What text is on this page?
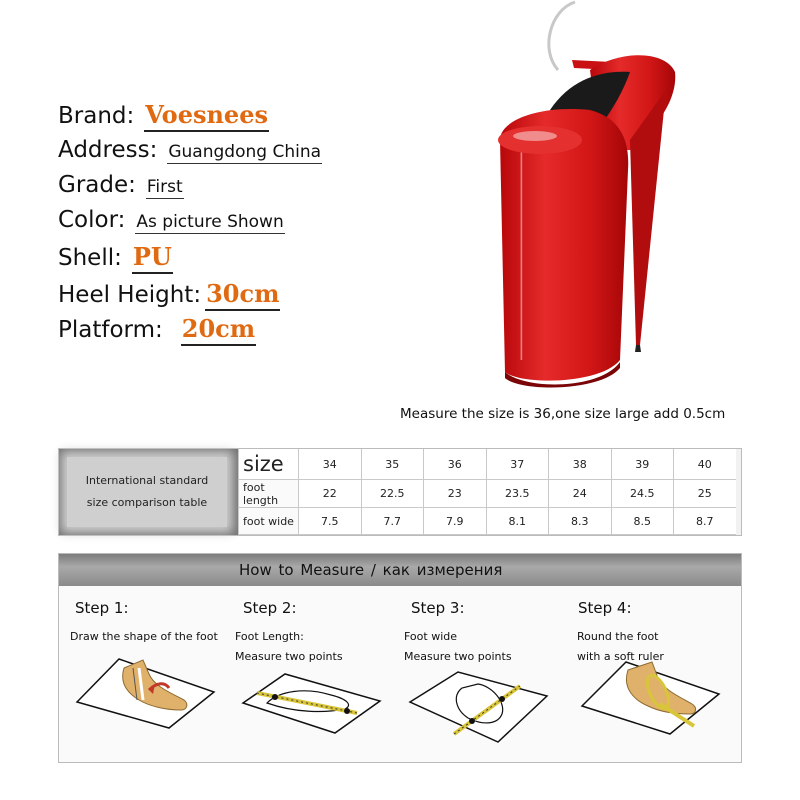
Brand: Voesnees
Address: Guangdong China
Grade: First
Color: As picture Shown
Shell: PU
Heel Height: 30cm
Platform: 20cm
Measure the size is 36,one size large add 0.5cm
International standard
size comparison table
size	34	35	36	37	38	39	40
foot length	22	22.5	23	23.5	24	24.5	25
foot wide	7.5	7.7	7.9	8.1	8.3	8.5	8.7
How to Measure / как измерения
Step 1:
Draw the shape of the foot
Step 2:
Foot Length:
Measure two points
Step 3:
Foot wide
Measure two points
Step 4:
Round the foot
with a soft ruler
